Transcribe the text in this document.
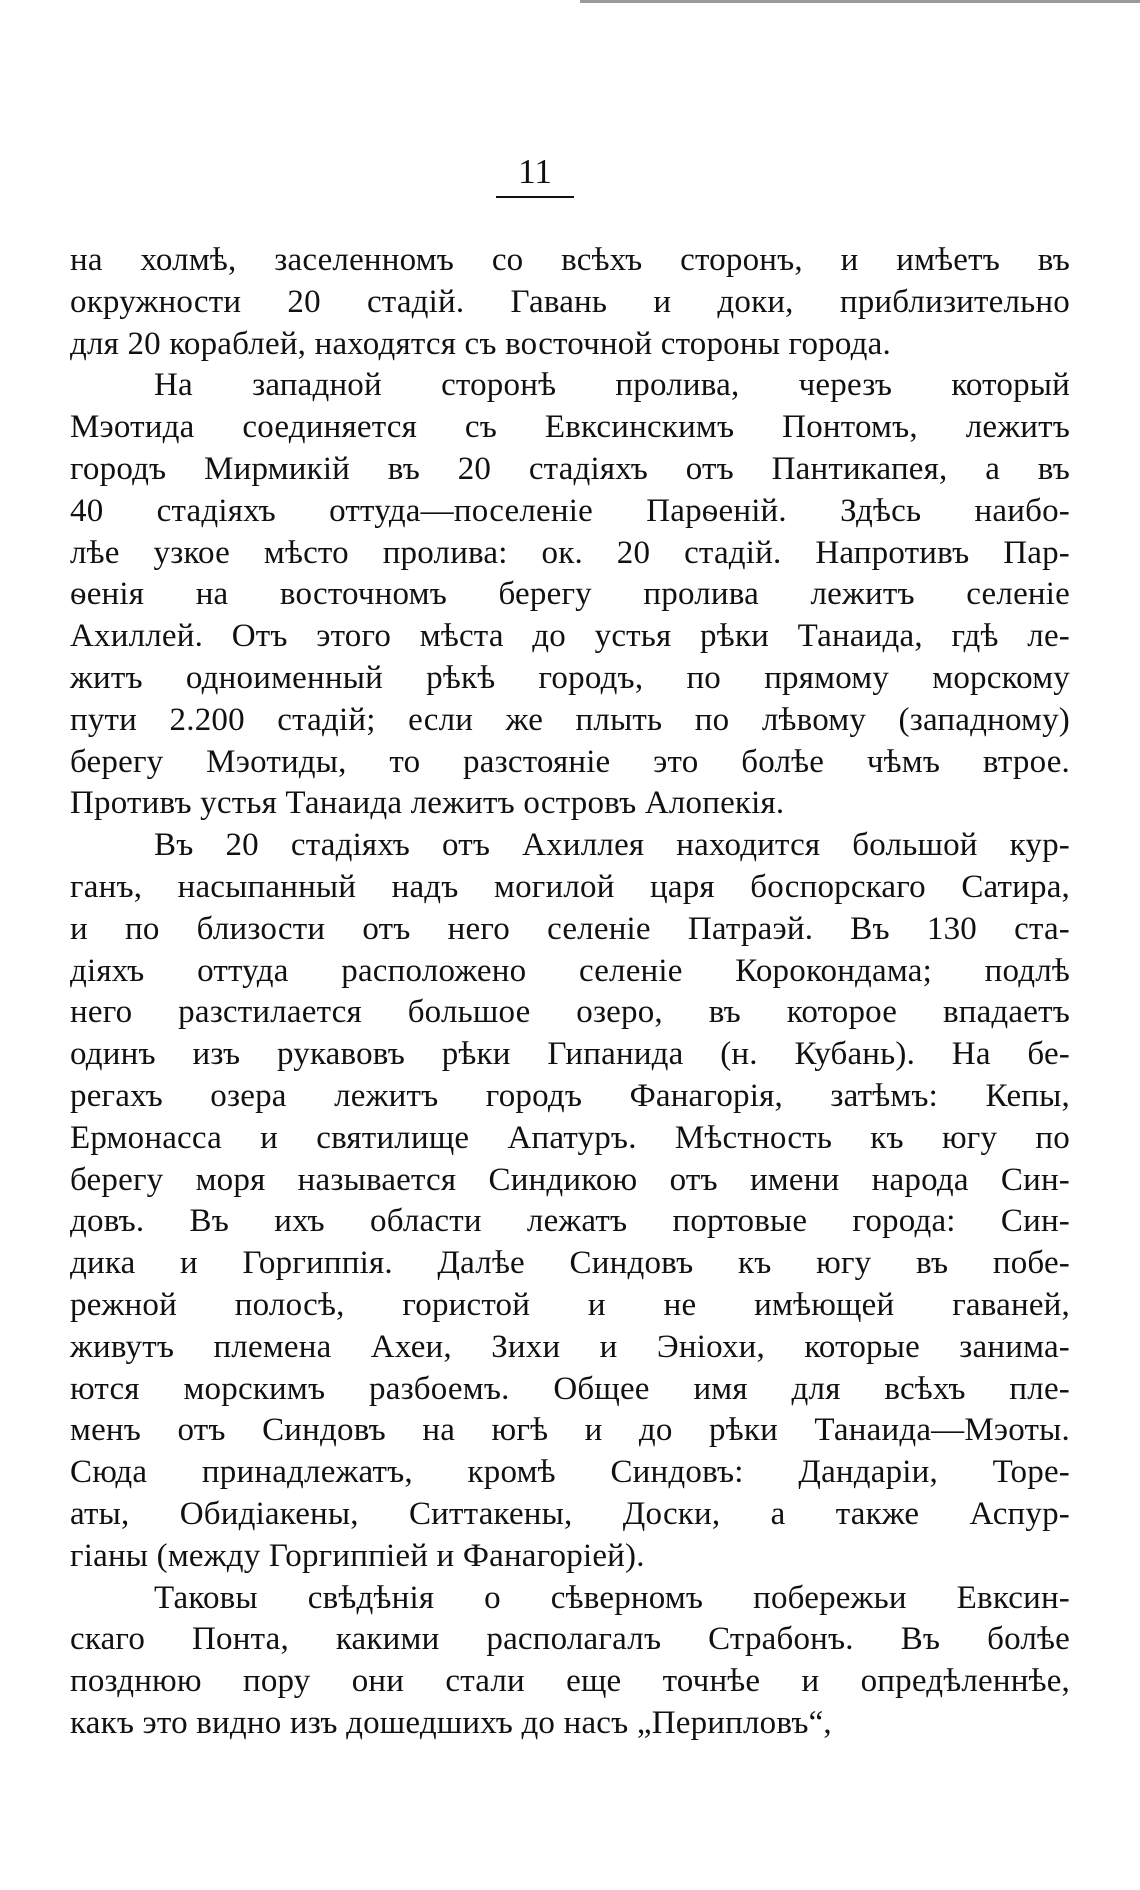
11
на холмѣ, заселенномъ со всѣхъ сторонъ, и имѣетъ въ
окружности 20 стадій. Гавань и доки, приблизительно
для 20 кораблей, находятся съ восточной стороны города.
На западной сторонѣ пролива, черезъ который
Мэотида соединяется съ Евксинскимъ Понтомъ, лежитъ
городъ Мирмикій въ 20 стадіяхъ отъ Пантикапея, а въ
40 стадіяхъ оттуда—поселеніе Парѳеній. Здѣсь наибо-
лѣе узкое мѣсто пролива: ок. 20 стадій. Напротивъ Пар-
ѳенія на восточномъ берегу пролива лежитъ селеніе
Ахиллей. Отъ этого мѣста до устья рѣки Танаида, гдѣ ле-
житъ одноименный рѣкѣ городъ, по прямому морскому
пути 2.200 стадій; если же плыть по лѣвому (западному)
берегу Мэотиды, то разстояніе это болѣе чѣмъ втрое.
Противъ устья Танаида лежитъ островъ Алопекія.
Въ 20 стадіяхъ отъ Ахиллея находится большой кур-
ганъ, насыпанный надъ могилой царя боспорскаго Сатира,
и по близости отъ него селеніе Патраэй. Въ 130 ста-
діяхъ оттуда расположено селеніе Корокондама; подлѣ
него разстилается большое озеро, въ которое впадаетъ
одинъ изъ рукавовъ рѣки Гипанида (н. Кубань). На бе-
регахъ озера лежитъ городъ Фанагорія, затѣмъ: Кепы,
Ермонасса и святилище Апатуръ. Мѣстность къ югу по
берегу моря называется Синдикою отъ имени народа Син-
довъ. Въ ихъ области лежатъ портовые города: Син-
дика и Горгиппія. Далѣе Синдовъ къ югу въ побе-
режной полосѣ, гористой и не имѣющей гаваней,
живутъ племена Ахеи, Зихи и Эніохи, которые занима-
ются морскимъ разбоемъ. Общее имя для всѣхъ пле-
менъ отъ Синдовъ на югѣ и до рѣки Танаида—Мэоты.
Сюда принадлежатъ, кромѣ Синдовъ: Дандаріи, Торе-
аты, Обидіакены, Ситтакены, Доски, а также Аспур-
гіаны (между Горгиппіей и Фанагоріей).
Таковы свѣдѣнія о сѣверномъ побережьи Евксин-
скаго Понта, какими располагалъ Страбонъ. Въ болѣе
позднюю пору они стали еще точнѣе и опредѣленнѣе,
какъ это видно изъ дошедшихъ до насъ „Перипловъ“,
